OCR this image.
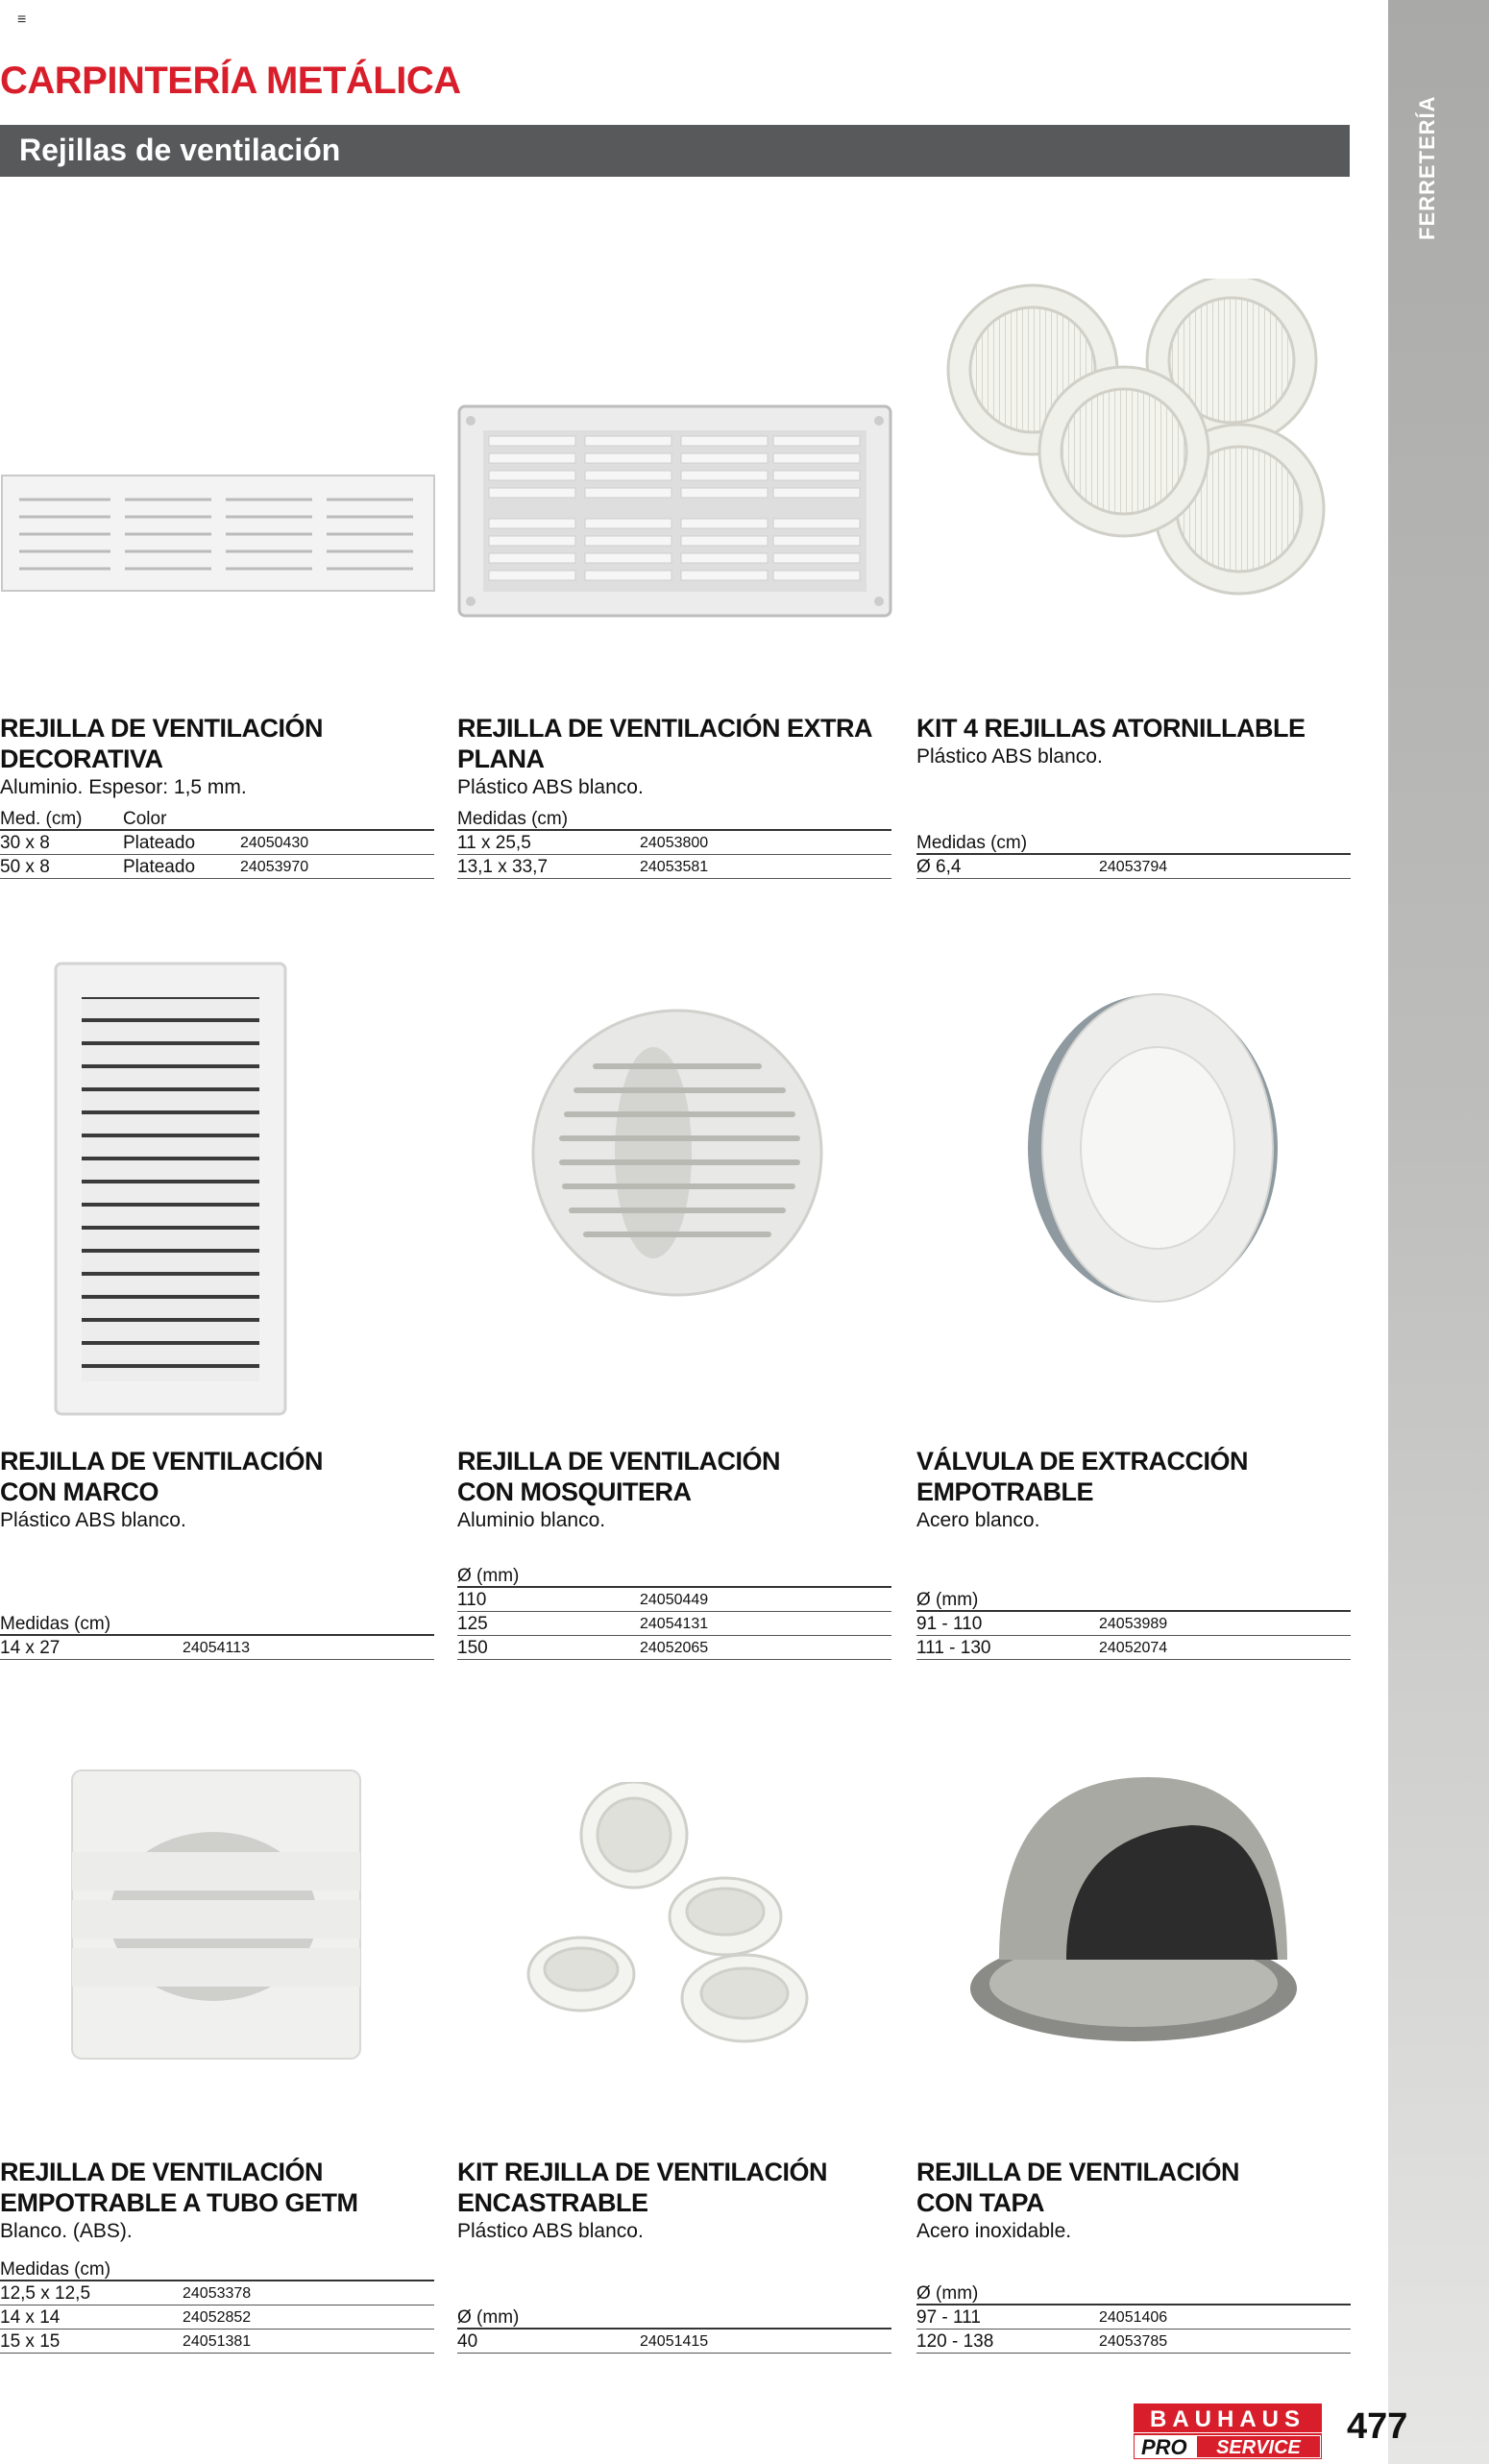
≡
CARPINTERÍA METÁLICA
Rejillas de ventilación	FERRETERÍA
REJILLA DE VENTILACIÓN DECORATIVA
Aluminio. Espesor: 1,5 mm.
Med. (cm)	Color
30 x 8	Plateado	24050430
50 x 8	Plateado	24053970
REJILLA DE VENTILACIÓN EXTRA PLANA
Plástico ABS blanco.
Medidas (cm)
11 x 25,5	24053800
13,1 x 33,7	24053581
KIT 4 REJILLAS ATORNILLABLE
Plástico ABS blanco.
Medidas (cm)
Ø 6,4	24053794
REJILLA DE VENTILACIÓN
CON MARCO
Plástico ABS blanco.
Medidas (cm)
14 x 27	24054113
REJILLA DE VENTILACIÓN
CON MOSQUITERA
Aluminio blanco.
Ø (mm)
110	24050449
125	24054131
150	24052065
VÁLVULA DE EXTRACCIÓN
EMPOTRABLE
Acero blanco.
Ø (mm)
91 - 110	24053989
111 - 130	24052074
REJILLA DE VENTILACIÓN
EMPOTRABLE A TUBO GETM
Blanco. (ABS).
Medidas (cm)
12,5 x 12,5	24053378
14 x 14	24052852
15 x 15	24051381
KIT REJILLA DE VENTILACIÓN
ENCASTRABLE
Plástico ABS blanco.
Ø (mm)
40	24051415
REJILLA DE VENTILACIÓN
CON TAPA
Acero inoxidable.
Ø (mm)
97 - 111	24051406
120 - 138	24053785
BAUHAUS
PRO SERVICE
477
